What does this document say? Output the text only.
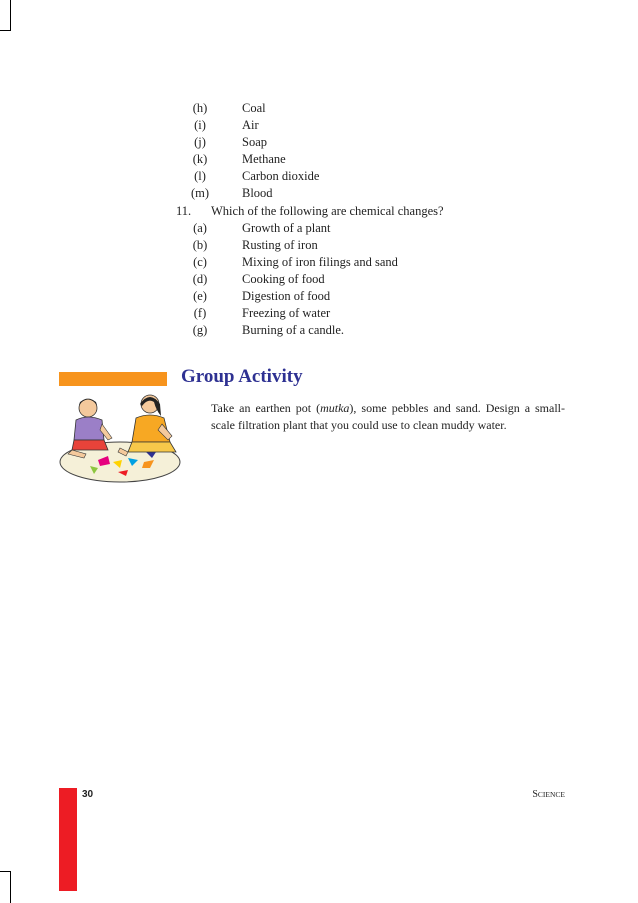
(h)	Coal
(i)	Air
(j)	Soap
(k)	Methane
(l)	Carbon dioxide
(m)	Blood
11. Which of the following are chemical changes?
(a)	Growth of a plant
(b)	Rusting of iron
(c)	Mixing of iron filings and sand
(d)	Cooking of food
(e)	Digestion of food
(f)	Freezing of water
(g)	Burning of a candle.
Group Activity
Take an earthen pot (mutka), some pebbles and sand. Design a small-scale filtration plant that you could use to clean muddy water.
30	SCIENCE
